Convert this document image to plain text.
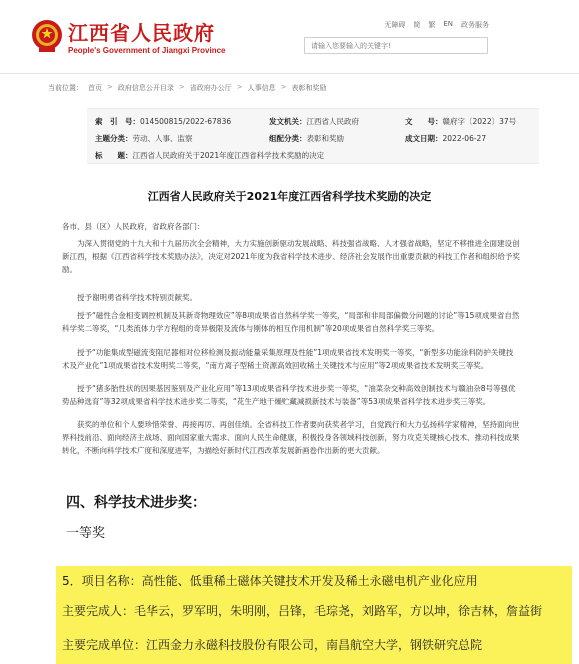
江西省人民政府
People's Government of Jiangxi Province
无障碍 简 繁 EN 政务服务
请输入您要输入的关键字!
当前位置： 首页 > 政府信息公开目录 > 省政府办公厅 > 人事信息 > 表彰和奖励
索　引　号：014500815/2022-67836	发文机关：江西省人民政府	文　　号：赣府字〔2022〕37号
主题分类：劳动、人事、监察	组配分类：表彰和奖励	成文日期：2022-06-27
标　　题：江西省人民政府关于2021年度江西省科学技术奖励的决定
江西省人民政府关于2021年度江西省科学技术奖励的决定
各市、县（区）人民政府，省政府各部门：
为深入贯彻党的十九大和十九届历次全会精神，大力实施创新驱动发展战略、科技强省战略、人才强省战略，坚定不移推进全面建设创新江西，根据《江西省科学技术奖励办法》，决定对2021年度为我省科学技术进步、经济社会发展作出重要贡献的科技工作者和组织给予奖励。
授予谢明勇省科学技术特别贡献奖。
授予“磁性合金相变调控机制及其新奇物理效应”等8项成果省自然科学奖一等奖，“局部和非局部偏微分问题的讨论”等15项成果省自然科学奖二等奖，“几类流体力学方程组的奇异极限及流体与刚体的相互作用机制”等20项成果省自然科学奖三等奖。
授予“功能集成型磁流变阻尼器相对位移检测及振动能量采集原理及性能”1项成果省技术发明奖一等奖，“新型多功能涂料防护关键技术及产业化”1项成果省技术发明奖二等奖，“南方离子型稀土资源高效回收稀土关键技术与应用”等2项成果省技术发明奖三等奖。
授予“猪多胎性状的因果基因鉴别及产业化应用”等13项成果省科学技术进步奖一等奖，“油菜杂交种高效创制技术与赣油杂8号等强优势品种选育”等32项成果省科学技术进步奖二等奖，“花生产地干燥贮藏减损新技术与装备”等53项成果省科学技术进步奖三等奖。
获奖的单位和个人要珍惜荣誉、再接再厉、再创佳绩。全省科技工作者要向获奖者学习，自觉践行和大力弘扬科学家精神，坚持面向世界科技前沿、面向经济主战场、面向国家重大需求、面向人民生命健康，积极投身各领域科技创新，努力攻克关键核心技术、推动科技成果转化，不断向科学技术广度和深度进军，为描绘好新时代江西改革发展新画卷作出新的更大贡献。
四、科学技术进步奖：
一等奖
5．项目名称：高性能、低重稀土磁体关键技术开发及稀土永磁电机产业化应用
主要完成人：毛华云，罗军明，朱明刚，吕锋，毛琮尧，刘路军，方以坤，徐吉林，詹益街
主要完成单位：江西金力永磁科技股份有限公司，南昌航空大学，钢铁研究总院
